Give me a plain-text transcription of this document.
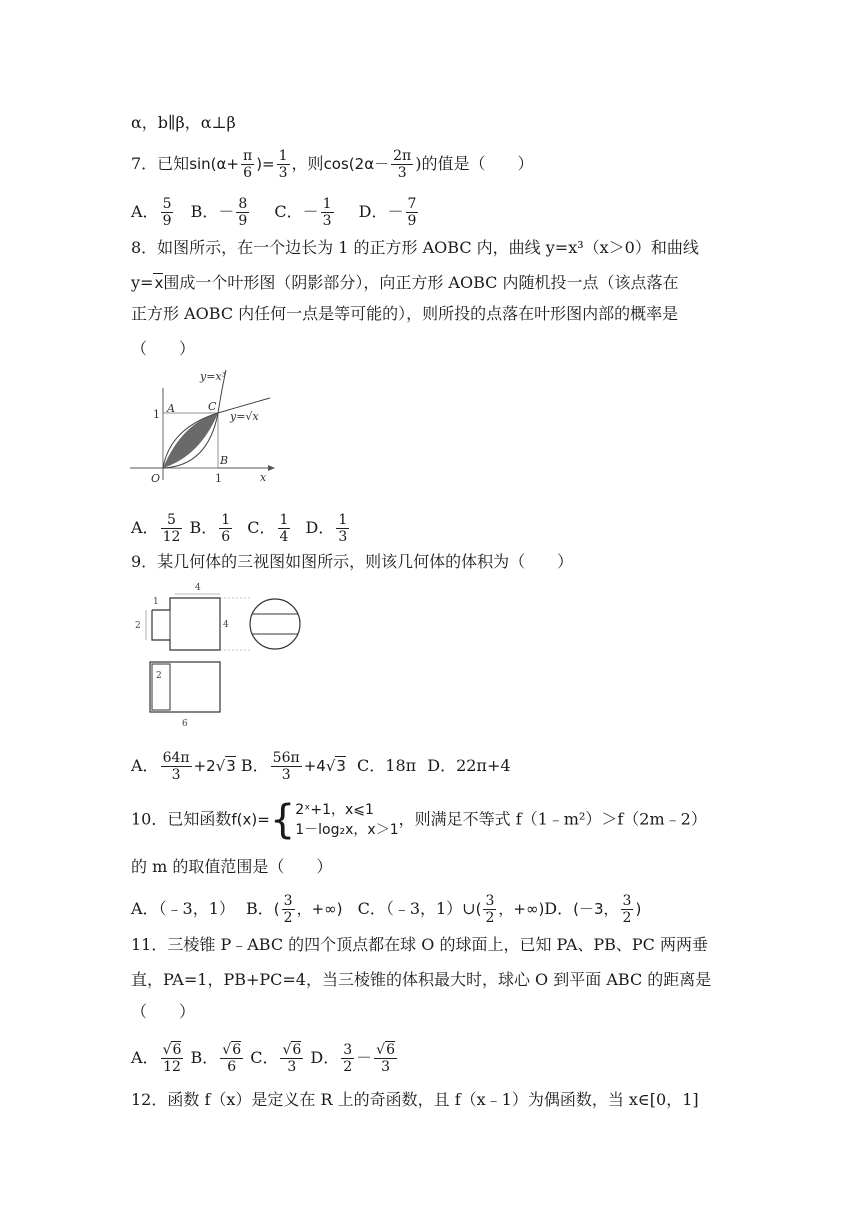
α，b∥β，α⊥β
7．已知$\sin(\alpha+ \frac{\pi}{6}$ )= $\frac{1}{3}$ ，则$\cos(2\alpha- \frac{2\pi}{3}$ )的值是（　　）
A． $\frac{5}{9}$ B．－ $\frac{8}{9}$ C．－ $\frac{1}{3}$ D．－ $\frac{7}{9}$
8．如图所示，在一个边长为 1 的正方形 AOBC 内，曲线 y=x³（x＞0）和曲线
y=x围成一个叶形图（阴影部分），向正方形 AOBC 内随机投一点（该点落在
正方形 AOBC 内任何一点是等可能的），则所投的点落在叶形图内部的概率是
（　　）
y=x³
y=√x
A	C
B
O
1
1	x
A． $\frac{5}{12}$ B． $\frac{1}{6}$ C． $\frac{1}{4}$ D． $\frac{1}{3}$
9．某几何体的三视图如图所示，则该几何体的体积为（　　）
4
1
2	4
2
6
A． $\frac{64\pi}{3} +2√3$ B． $\frac{56\pi}{3} +4√3$ C．18π D．22π+4
10．已知函数f(x)={ 2ˣ+1，x⩽1
1－log₂x，x＞1
，则满足不等式 f（1﹣m²）＞f（2m﹣2）
的 m 的取值范围是（　　）
A．（﹣3，1） B．( $\frac{3}{2}$ ，+∞) C．（﹣3，1）∪( $\frac{3}{2}$ ，+∞)D．(－3， $\frac{3}{2}$ )
11．三棱锥 P﹣ABC 的四个顶点都在球 O 的球面上，已知 PA、PB、PC 两两垂
直，PA=1，PB+PC=4，当三棱锥的体积最大时，球心 O 到平面 ABC 的距离是
（　　）
A． $\frac{√6}{12}$ B． $\frac{√6}{6}$ C． $\frac{√6}{3}$ D． $\frac{3}{2} - \frac{√6}{3}$
12．函数 f（x）是定义在 R 上的奇函数，且 f（x﹣1）为偶函数，当 x∈[0，1]
